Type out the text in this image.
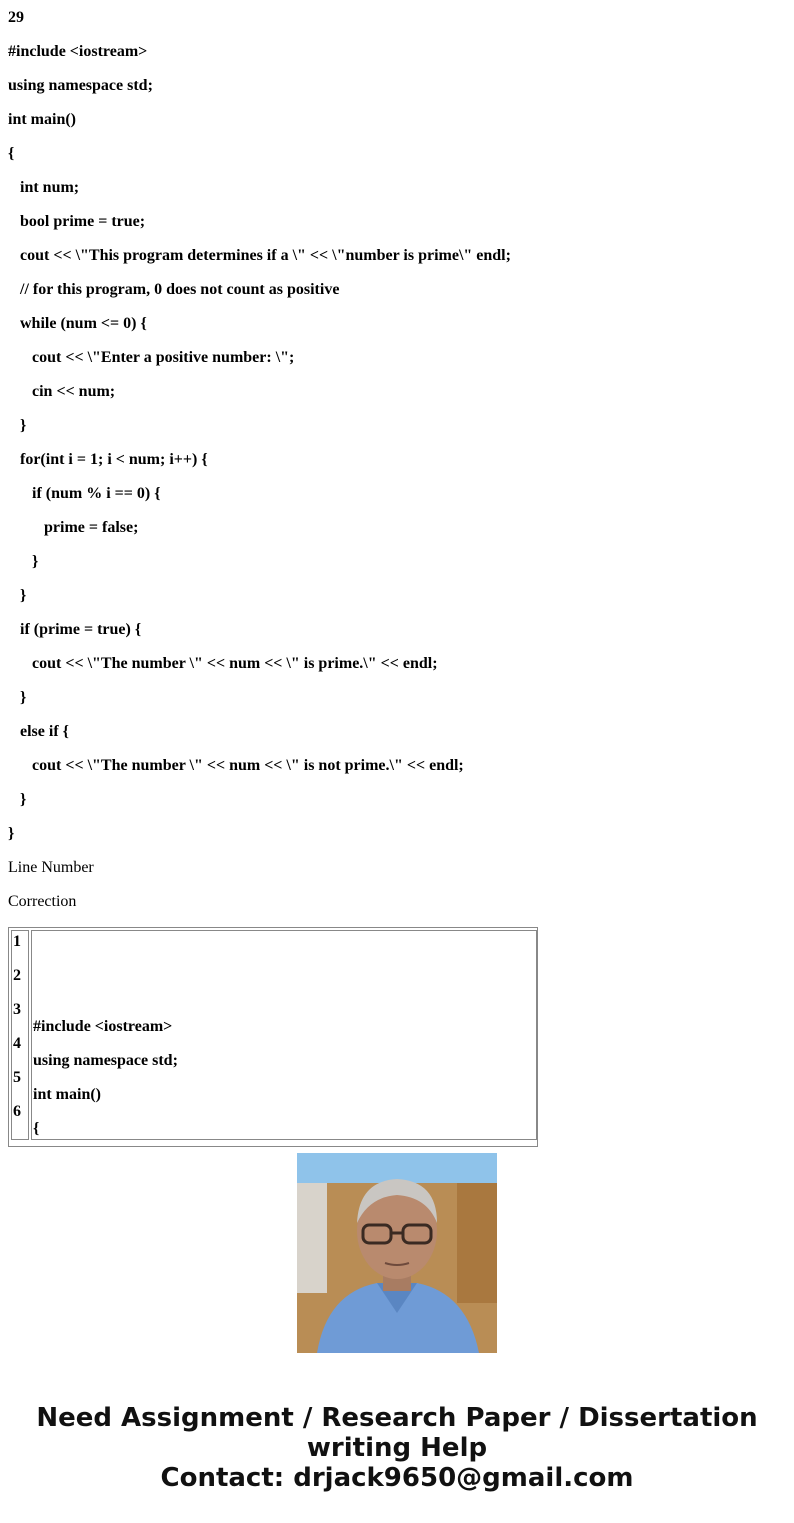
29
#include <iostream>
using namespace std;
int main()
{
int num;
bool prime = true;
cout << \"This program determines if a \" << \"number is prime\" endl;
// for this program, 0 does not count as positive
while (num <= 0) {
cout << \"Enter a positive number: \";
cin << num;
}
for(int i = 1; i < num; i++) {
if (num % i == 0) {
prime = false;
}
}
if (prime = true) {
cout << \"The number \" << num << \" is prime.\" << endl;
}
else if {
cout << \"The number \" << num << \" is not prime.\" << endl;
}
}
Line Number
Correction
1
2
3
4
5
6
#include <iostream>
using namespace std;
int main()
{
Need Assignment / Research Paper / Dissertation
writing Help
Contact: drjack9650@gmail.com
